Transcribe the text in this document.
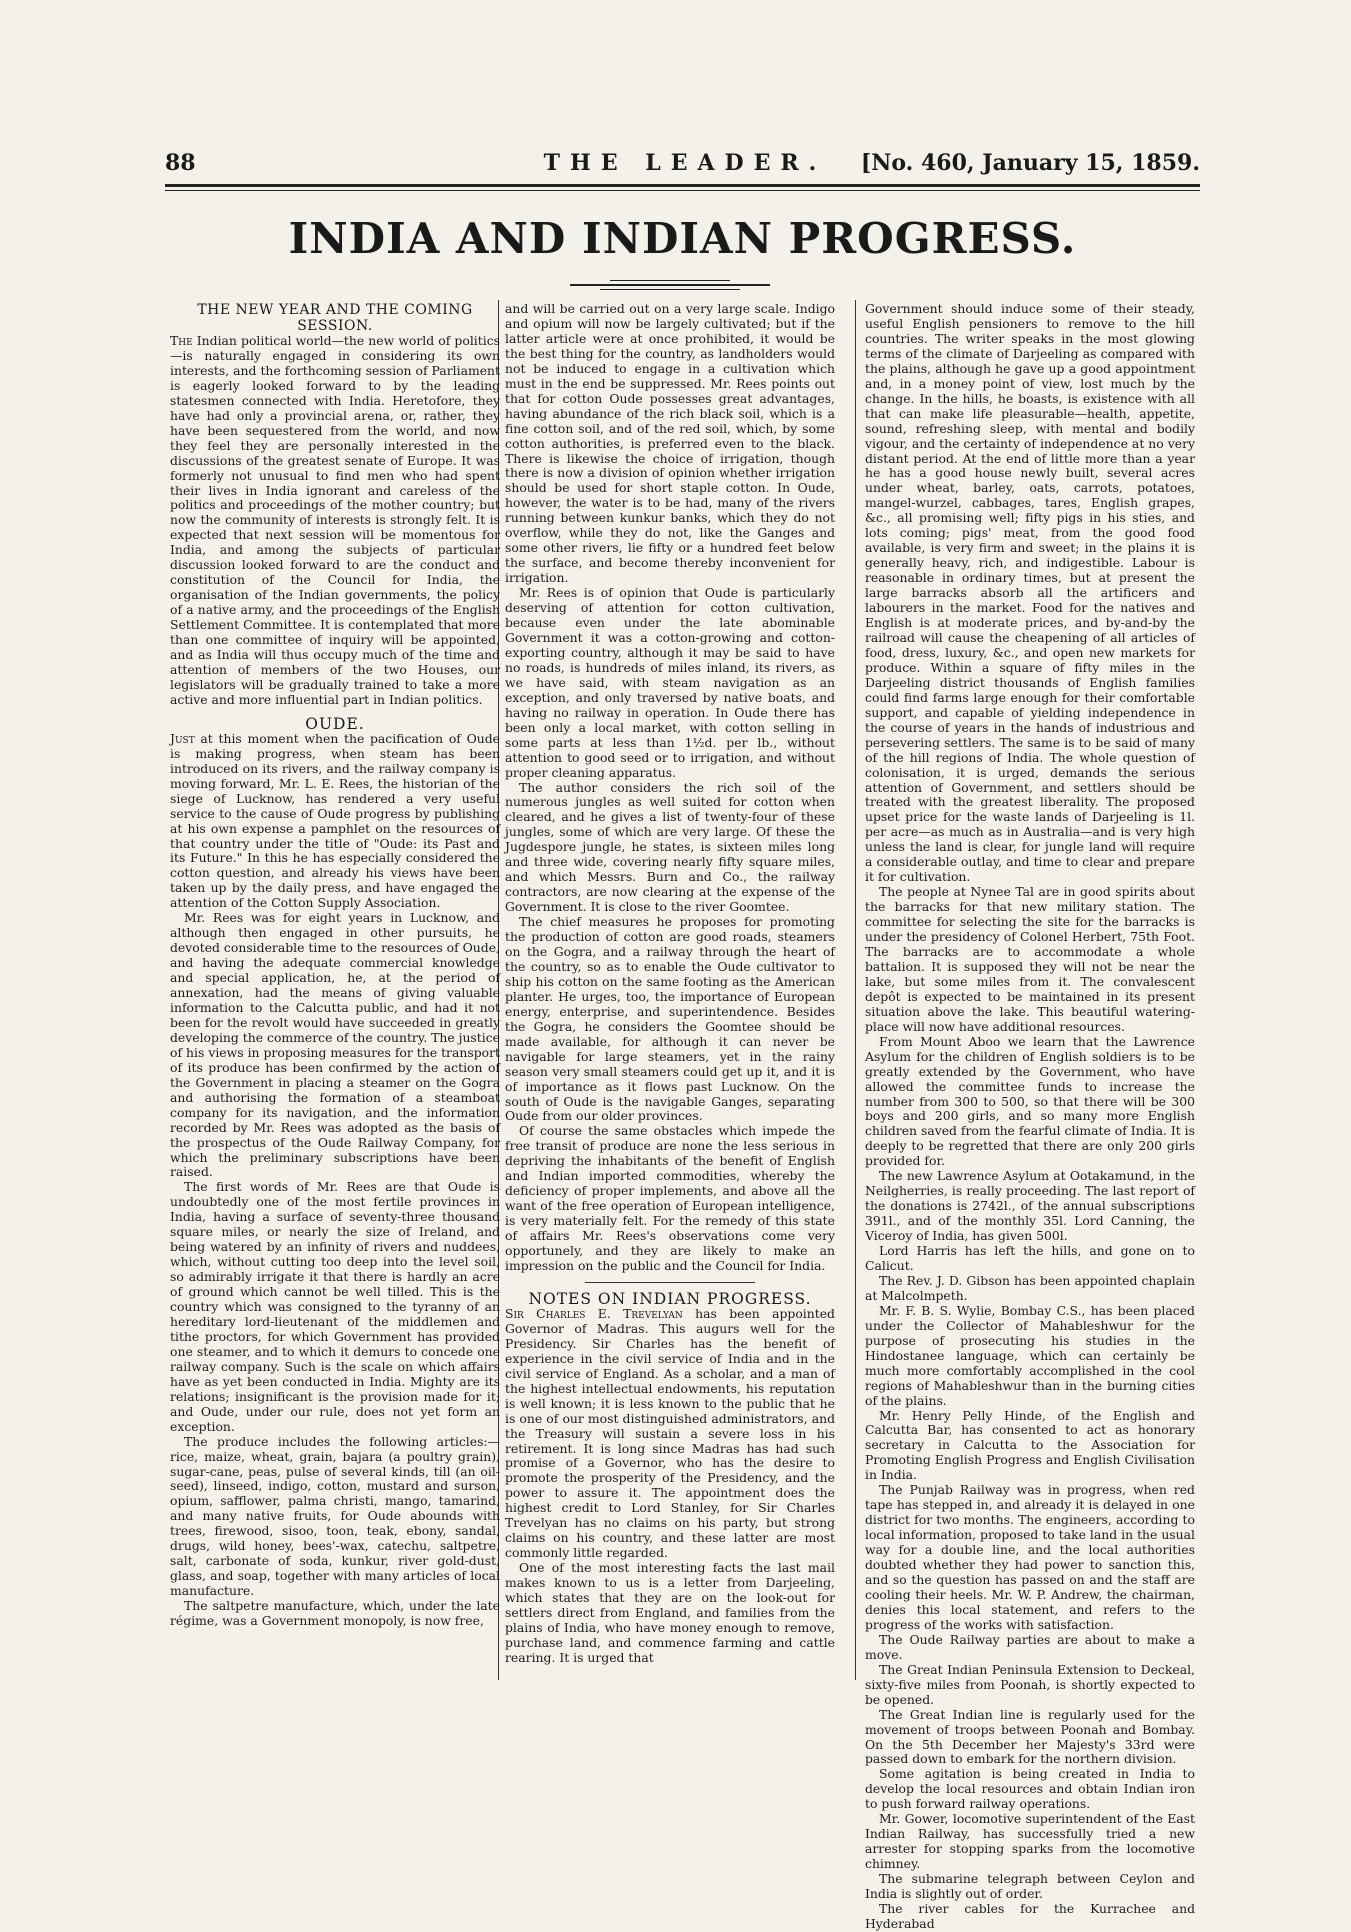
88	THE LEADER. [No. 460, January 15, 1859.
INDIA AND INDIAN PROGRESS.
THE NEW YEAR AND THE COMING SESSION.

The Indian political world—the new world of politics—is naturally engaged in considering its own interests, and the forthcoming session of Parliament is eagerly looked forward to by the leading statesmen connected with India. Heretofore, they have had only a provincial arena, or, rather, they have been sequestered from the world, and now they feel they are personally interested in the discussions of the greatest senate of Europe. It was formerly not unusual to find men who had spent their lives in India ignorant and careless of the politics and proceedings of the mother country; but now the community of interests is strongly felt. It is expected that next session will be momentous for India, and among the subjects of particular discussion looked forward to are the conduct and constitution of the Council for India, the organisation of the Indian governments, the policy of a native army, and the proceedings of the English Settlement Committee. It is contemplated that more than one committee of inquiry will be appointed, and as India will thus occupy much of the time and attention of members of the two Houses, our legislators will be gradually trained to take a more active and more influential part in Indian politics.

OUDE.

Just at this moment when the pacification of Oude is making progress, when steam has been introduced on its rivers, and the railway company is moving forward, Mr. L. E. Rees, the historian of the siege of Lucknow, has rendered a very useful service to the cause of Oude progress by publishing at his own expense a pamphlet on the resources of that country under the title of "Oude: its Past and its Future." In this he has especially considered the cotton question, and already his views have been taken up by the daily press, and have engaged the attention of the Cotton Supply Association.

Mr. Rees was for eight years in Lucknow, and although then engaged in other pursuits, he devoted considerable time to the resources of Oude, and having the adequate commercial knowledge and special application, he, at the period of annexation, had the means of giving valuable information to the Calcutta public, and had it not been for the revolt would have succeeded in greatly developing the commerce of the country. The justice of his views in proposing measures for the transport of its produce has been confirmed by the action of the Government in placing a steamer on the Gogra and authorising the formation of a steamboat company for its navigation, and the information recorded by Mr. Rees was adopted as the basis of the prospectus of the Oude Railway Company, for which the preliminary subscriptions have been raised.

The first words of Mr. Rees are that Oude is undoubtedly one of the most fertile provinces in India, having a surface of seventy-three thousand square miles, or nearly the size of Ireland, and being watered by an infinity of rivers and nuddees, which, without cutting too deep into the level soil, so admirably irrigate it that there is hardly an acre of ground which cannot be well tilled. This is the country which was consigned to the tyranny of an hereditary lord-lieutenant of the middlemen and tithe proctors, for which Government has provided one steamer, and to which it demurs to concede one railway company. Such is the scale on which affairs have as yet been conducted in India. Mighty are its relations; insignificant is the provision made for it; and Oude, under our rule, does not yet form an exception.

The produce includes the following articles:—rice, maize, wheat, grain, bajara (a poultry grain), sugar-cane, peas, pulse of several kinds, till (an oil-seed), linseed, indigo, cotton, mustard and surson, opium, safflower, palma christi, mango, tamarind, and many native fruits, for Oude abounds with trees, firewood, sisoo, toon, teak, ebony, sandal, drugs, wild honey, bees'-wax, catechu, saltpetre, salt, carbonate of soda, kunkur, river gold-dust, glass, and soap, together with many articles of local manufacture.

The saltpetre manufacture, which, under the late régime, was a Government monopoly, is now free,

and will be carried out on a very large scale. Indigo and opium will now be largely cultivated; but if the latter article were at once prohibited, it would be the best thing for the country, as landholders would not be induced to engage in a cultivation which must in the end be suppressed. Mr. Rees points out that for cotton Oude possesses great advantages, having abundance of the rich black soil, which is a fine cotton soil, and of the red soil, which, by some cotton authorities, is preferred even to the black. There is likewise the choice of irrigation, though there is now a division of opinion whether irrigation should be used for short staple cotton. In Oude, however, the water is to be had, many of the rivers running between kunkur banks, which they do not overflow, while they do not, like the Ganges and some other rivers, lie fifty or a hundred feet below the surface, and become thereby inconvenient for irrigation.

Mr. Rees is of opinion that Oude is particularly deserving of attention for cotton cultivation, because even under the late abominable Government it was a cotton-growing and cotton-exporting country, although it may be said to have no roads, is hundreds of miles inland, its rivers, as we have said, with steam navigation as an exception, and only traversed by native boats, and having no railway in operation. In Oude there has been only a local market, with cotton selling in some parts at less than 1½d. per lb., without attention to good seed or to irrigation, and without proper cleaning apparatus.

The author considers the rich soil of the numerous jungles as well suited for cotton when cleared, and he gives a list of twenty-four of these jungles, some of which are very large. Of these the Jugdespore jungle, he states, is sixteen miles long and three wide, covering nearly fifty square miles, and which Messrs. Burn and Co., the railway contractors, are now clearing at the expense of the Government. It is close to the river Goomtee.

The chief measures he proposes for promoting the production of cotton are good roads, steamers on the Gogra, and a railway through the heart of the country, so as to enable the Oude cultivator to ship his cotton on the same footing as the American planter. He urges, too, the importance of European energy, enterprise, and superintendence. Besides the Gogra, he considers the Goomtee should be made available, for although it can never be navigable for large steamers, yet in the rainy season very small steamers could get up it, and it is of importance as it flows past Lucknow. On the south of Oude is the navigable Ganges, separating Oude from our older provinces.

Of course the same obstacles which impede the free transit of produce are none the less serious in depriving the inhabitants of the benefit of English and Indian imported commodities, whereby the deficiency of proper implements, and above all the want of the free operation of European intelligence, is very materially felt. For the remedy of this state of affairs Mr. Rees's observations come very opportunely, and they are likely to make an impression on the public and the Council for India.

NOTES ON INDIAN PROGRESS.

Sir Charles E. Trevelyan has been appointed Governor of Madras. This augurs well for the Presidency. Sir Charles has the benefit of experience in the civil service of India and in the civil service of England. As a scholar, and a man of the highest intellectual endowments, his reputation is well known; it is less known to the public that he is one of our most distinguished administrators, and the Treasury will sustain a severe loss in his retirement. It is long since Madras has had such promise of a Governor, who has the desire to promote the prosperity of the Presidency, and the power to assure it. The appointment does the highest credit to Lord Stanley, for Sir Charles Trevelyan has no claims on his party, but strong claims on his country, and these latter are most commonly little regarded.

One of the most interesting facts the last mail makes known to us is a letter from Darjeeling, which states that they are on the look-out for settlers direct from England, and families from the plains of India, who have money enough to remove, purchase land, and commence farming and cattle rearing. It is urged that

Government should induce some of their steady, useful English pensioners to remove to the hill countries. The writer speaks in the most glowing terms of the climate of Darjeeling as compared with the plains, although he gave up a good appointment and, in a money point of view, lost much by the change. In the hills, he boasts, is existence with all that can make life pleasurable—health, appetite, sound, refreshing sleep, with mental and bodily vigour, and the certainty of independence at no very distant period. At the end of little more than a year he has a good house newly built, several acres under wheat, barley, oats, carrots, potatoes, mangel-wurzel, cabbages, tares, English grapes, &c., all promising well; fifty pigs in his sties, and lots coming; pigs' meat, from the good food available, is very firm and sweet; in the plains it is generally heavy, rich, and indigestible. Labour is reasonable in ordinary times, but at present the large barracks absorb all the artificers and labourers in the market. Food for the natives and English is at moderate prices, and by-and-by the railroad will cause the cheapening of all articles of food, dress, luxury, &c., and open new markets for produce. Within a square of fifty miles in the Darjeeling district thousands of English families could find farms large enough for their comfortable support, and capable of yielding independence in the course of years in the hands of industrious and persevering settlers. The same is to be said of many of the hill regions of India. The whole question of colonisation, it is urged, demands the serious attention of Government, and settlers should be treated with the greatest liberality. The proposed upset price for the waste lands of Darjeeling is 1l. per acre—as much as in Australia—and is very high unless the land is clear, for jungle land will require a considerable outlay, and time to clear and prepare it for cultivation.

The people at Nynee Tal are in good spirits about the barracks for that new military station. The committee for selecting the site for the barracks is under the presidency of Colonel Herbert, 75th Foot. The barracks are to accommodate a whole battalion. It is supposed they will not be near the lake, but some miles from it. The convalescent depôt is expected to be maintained in its present situation above the lake. This beautiful watering-place will now have additional resources.

From Mount Aboo we learn that the Lawrence Asylum for the children of English soldiers is to be greatly extended by the Government, who have allowed the committee funds to increase the number from 300 to 500, so that there will be 300 boys and 200 girls, and so many more English children saved from the fearful climate of India. It is deeply to be regretted that there are only 200 girls provided for.

The new Lawrence Asylum at Ootakamund, in the Neilgherries, is really proceeding. The last report of the donations is 2742l., of the annual subscriptions 391l., and of the monthly 35l. Lord Canning, the Viceroy of India, has given 500l.

Lord Harris has left the hills, and gone on to Calicut.

The Rev. J. D. Gibson has been appointed chaplain at Malcolmpeth.

Mr. F. B. S. Wylie, Bombay C.S., has been placed under the Collector of Mahableshwur for the purpose of prosecuting his studies in the Hindostanee language, which can certainly be much more comfortably accomplished in the cool regions of Mahableshwur than in the burning cities of the plains.

Mr. Henry Pelly Hinde, of the English and Calcutta Bar, has consented to act as honorary secretary in Calcutta to the Association for Promoting English Progress and English Civilisation in India.

The Punjab Railway was in progress, when red tape has stepped in, and already it is delayed in one district for two months. The engineers, according to local information, proposed to take land in the usual way for a double line, and the local authorities doubted whether they had power to sanction this, and so the question has passed on and the staff are cooling their heels. Mr. W. P. Andrew, the chairman, denies this local statement, and refers to the progress of the works with satisfaction.

The Oude Railway parties are about to make a move.

The Great Indian Peninsula Extension to Deckeal, sixty-five miles from Poonah, is shortly expected to be opened.

The Great Indian line is regularly used for the movement of troops between Poonah and Bombay. On the 5th December her Majesty's 33rd were passed down to embark for the northern division.

Some agitation is being created in India to develop the local resources and obtain Indian iron to push forward railway operations.

Mr. Gower, locomotive superintendent of the East Indian Railway, has successfully tried a new arrester for stopping sparks from the locomotive chimney.

The submarine telegraph between Ceylon and India is slightly out of order.

The river cables for the Kurrachee and Hyderabad
